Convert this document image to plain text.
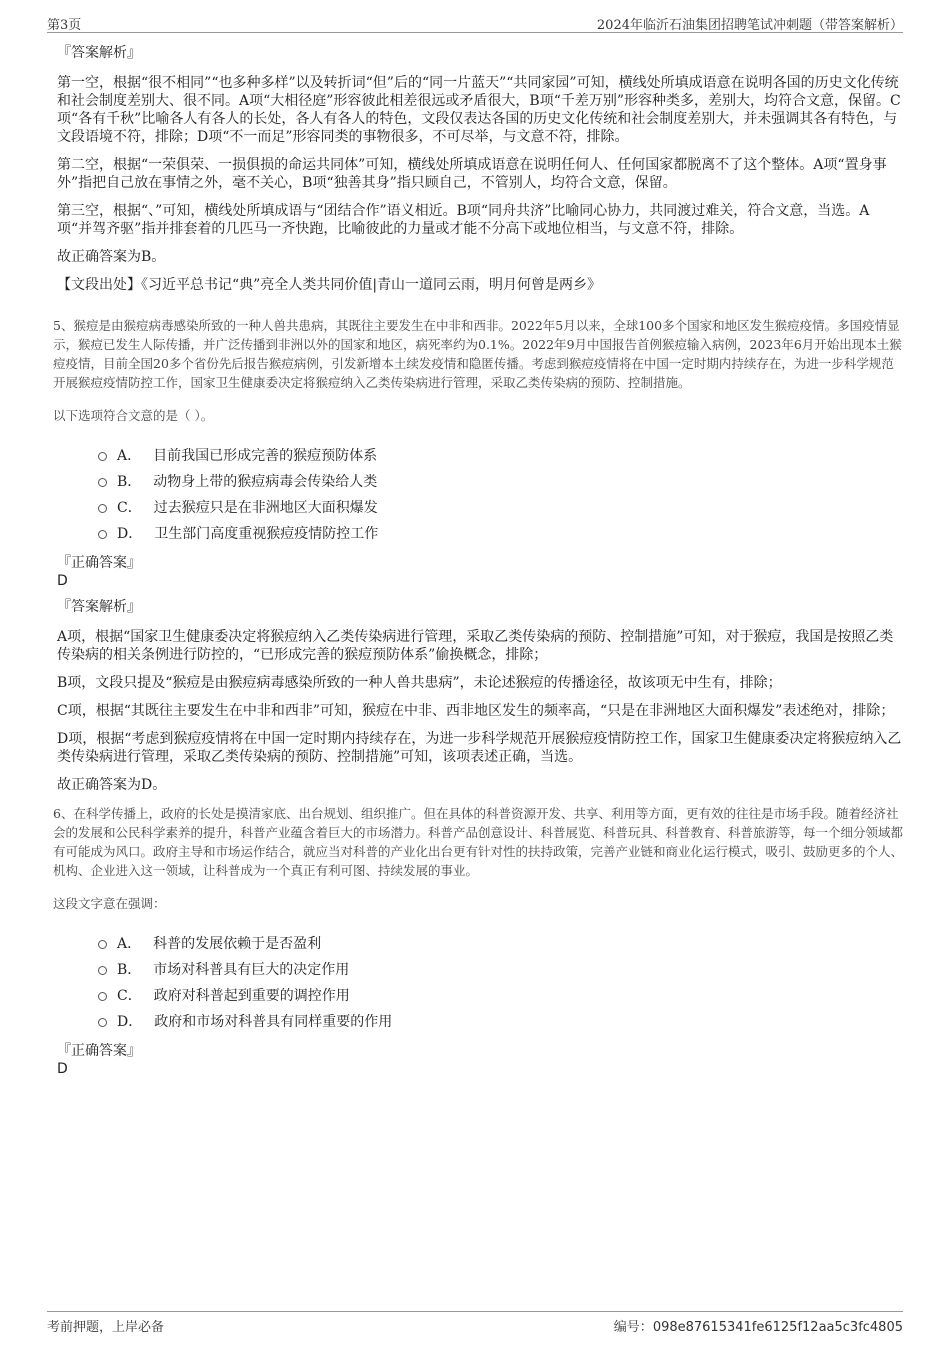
第3页	2024年临沂石油集团招聘笔试冲刺题（带答案解析）

『答案解析』

第一空，根据“很不相同”“也多种多样”以及转折词“但”后的“同一片蓝天”“共同家园”可知，横线处所填成语意在说明各国的历史文化传统和社会制度差别大、很不同。A项“大相径庭”形容彼此相差很远或矛盾很大，B项“千差万别”形容种类多，差别大，均符合文意，保留。C项“各有千秋”比喻各人有各人的长处，各人有各人的特色，文段仅表达各国的历史文化传统和社会制度差别大，并未强调其各有特色，与文段语境不符，排除；D项“不一而足”形容同类的事物很多，不可尽举，与文意不符，排除。

第二空，根据“一荣俱荣、一损俱损的命运共同体”可知，横线处所填成语意在说明任何人、任何国家都脱离不了这个整体。A项“置身事外”指把自己放在事情之外，毫不关心，B项“独善其身”指只顾自己，不管别人，均符合文意，保留。

第三空，根据“、”可知，横线处所填成语与“团结合作”语义相近。B项“同舟共济”比喻同心协力，共同渡过难关，符合文意，当选。A项“并驾齐驱”指并排套着的几匹马一齐快跑，比喻彼此的力量或才能不分高下或地位相当，与文意不符，排除。

故正确答案为B。

【文段出处】《习近平总书记“典”亮全人类共同价值|青山一道同云雨，明月何曾是两乡》

5、猴痘是由猴痘病毒感染所致的一种人兽共患病，其既往主要发生在中非和西非。2022年5月以来，全球100多个国家和地区发生猴痘疫情。多国疫情显示，猴痘已发生人际传播，并广泛传播到非洲以外的国家和地区，病死率约为0.1%。2022年9月中国报告首例猴痘输入病例，2023年6月开始出现本土猴痘疫情，目前全国20多个省份先后报告猴痘病例，引发新增本土续发疫情和隐匿传播。考虑到猴痘疫情将在中国一定时期内持续存在，为进一步科学规范开展猴痘疫情防控工作，国家卫生健康委决定将猴痘纳入乙类传染病进行管理，采取乙类传染病的预防、控制措施。

以下选项符合文意的是（ ）。

A． 目前我国已形成完善的猴痘预防体系
B． 动物身上带的猴痘病毒会传染给人类
C． 过去猴痘只是在非洲地区大面积爆发
D． 卫生部门高度重视猴痘疫情防控工作

『正确答案』

D

『答案解析』

A项，根据“国家卫生健康委决定将猴痘纳入乙类传染病进行管理，采取乙类传染病的预防、控制措施”可知，对于猴痘，我国是按照乙类传染病的相关条例进行防控的，“已形成完善的猴痘预防体系”偷换概念，排除；

B项，文段只提及“猴痘是由猴痘病毒感染所致的一种人兽共患病”，未论述猴痘的传播途径，故该项无中生有，排除；

C项，根据“其既往主要发生在中非和西非”可知，猴痘在中非、西非地区发生的频率高，“只是在非洲地区大面积爆发”表述绝对，排除；

D项，根据“考虑到猴痘疫情将在中国一定时期内持续存在，为进一步科学规范开展猴痘疫情防控工作，国家卫生健康委决定将猴痘纳入乙类传染病进行管理，采取乙类传染病的预防、控制措施”可知，该项表述正确，当选。

故正确答案为D。

6、在科学传播上，政府的长处是摸清家底、出台规划、组织推广。但在具体的科普资源开发、共享、利用等方面，更有效的往往是市场手段。随着经济社会的发展和公民科学素养的提升，科普产业蕴含着巨大的市场潜力。科普产品创意设计、科普展览、科普玩具、科普教育、科普旅游等，每一个细分领域都有可能成为风口。政府主导和市场运作结合，就应当对科普的产业化出台更有针对性的扶持政策，完善产业链和商业化运行模式，吸引、鼓励更多的个人、机构、企业进入这一领域，让科普成为一个真正有利可图、持续发展的事业。

这段文字意在强调：

A． 科普的发展依赖于是否盈利
B． 市场对科普具有巨大的决定作用
C． 政府对科普起到重要的调控作用
D． 政府和市场对科普具有同样重要的作用

『正确答案』

D

考前押题，上岸必备	编号：098e87615341fe6125f12aa5c3fc4805
